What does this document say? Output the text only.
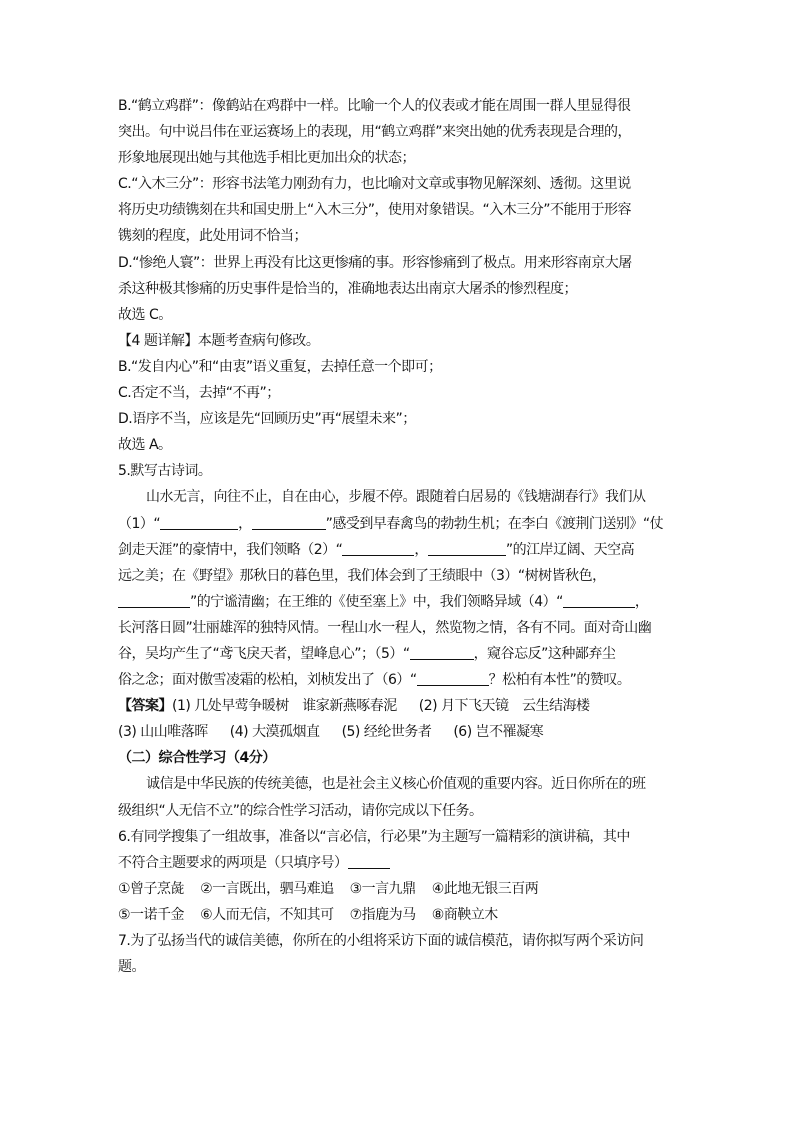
B.“鹤立鸡群”：像鹤站在鸡群中一样。比喻一个人的仪表或才能在周围一群人里显得很
突出。句中说吕伟在亚运赛场上的表现，用“鹤立鸡群”来突出她的优秀表现是合理的，
形象地展现出她与其他选手相比更加出众的状态；
C.“入木三分”：形容书法笔力刚劲有力，也比喻对文章或事物见解深刻、透彻。这里说
将历史功绩镌刻在共和国史册上“入木三分”，使用对象错误。“入木三分”不能用于形容
镌刻的程度，此处用词不恰当；
D.“惨绝人寰”：世界上再没有比这更惨痛的事。形容惨痛到了极点。用来形容南京大屠
杀这种极其惨痛的历史事件是恰当的，准确地表达出南京大屠杀的惨烈程度；
故选 C。
【4 题详解】本题考查病句修改。
B.“发自内心”和“由衷”语义重复，去掉任意一个即可；
C.否定不当，去掉“不再”；
D.语序不当，应该是先“回顾历史”再“展望未来”；
故选 A。
5.默写古诗词。
山水无言，向往不止，自在由心，步履不停。跟随着白居易的《钱塘湖春行》我们从
（1）“	，	”感受到早春禽鸟的勃勃生机；在李白《渡荆门送别》“仗
剑走天涯”的豪情中，我们领略（2）“	，	”的江岸辽阔、天空高
远之美；在《野望》那秋日的暮色里，我们体会到了王绩眼中（3）“树树皆秋色，
”的宁谧清幽；在王维的《使至塞上》中，我们领略异域（4）“	，
长河落日圆”壮丽雄浑的独特风情。一程山水一程人，然览物之情，各有不同。面对奇山幽
谷，吴均产生了“鸢飞戾天者，望峰息心”；（5）“	，窥谷忘反”这种鄙弃尘
俗之念；面对傲雪凌霜的松柏，刘桢发出了（6）“	？松柏有本性”的赞叹。
【答案】(1) 几处早莺争暖树　谁家新燕啄春泥 (2) 月下飞天镜　云生结海楼
(3) 山山唯落晖 (4) 大漠孤烟直 (5) 经纶世务者 (6) 岂不罹凝寒
（二）综合性学习（4分）
诚信是中华民族的传统美德，也是社会主义核心价值观的重要内容。近日你所在的班
级组织“人无信不立”的综合性学习活动，请你完成以下任务。
6.有同学搜集了一组故事，准备以“言必信，行必果”为主题写一篇精彩的演讲稿，其中
不符合主题要求的两项是（只填序号）
①曾子烹彘 ②一言既出，驷马难追 ③一言九鼎 ④此地无银三百两
⑤一诺千金 ⑥人而无信，不知其可 ⑦指鹿为马 ⑧商鞅立木
7.为了弘扬当代的诚信美德，你所在的小组将采访下面的诚信模范，请你拟写两个采访问
题。
